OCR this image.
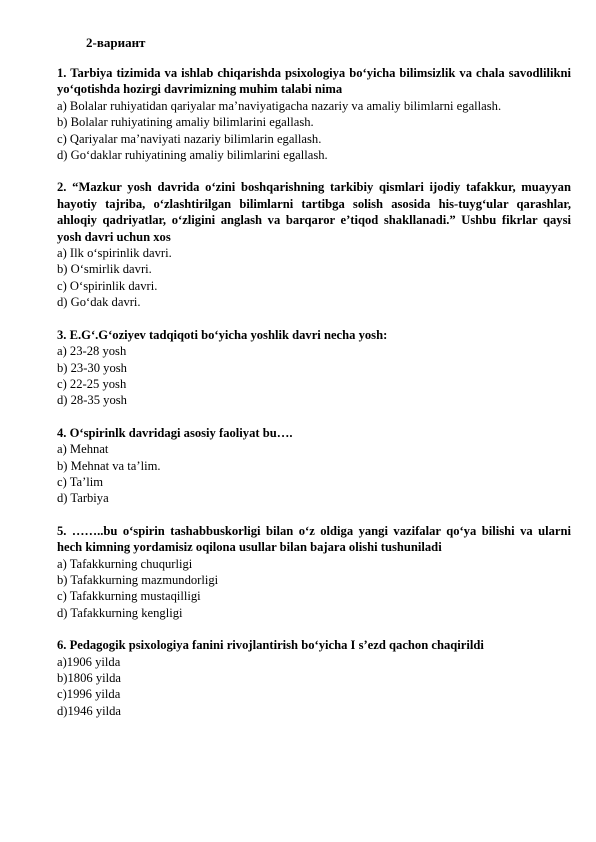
2-вариант
1. Tarbiya tizimida va ishlab chiqarishda psixologiya bo‘yicha bilimsizlik va chala savodlilikni yo‘qotishda hozirgi davrimizning muhim talabi nima
a) Bolalar ruhiyatidan qariyalar ma’naviyatigacha nazariy va amaliy bilimlarni egallash.
b) Bolalar ruhiyatining amaliy bilimlarini egallash.
c) Qariyalar ma’naviyati nazariy bilimlarin egallash.
d) Go‘daklar ruhiyatining amaliy bilimlarini egallash.
2. “Mazkur yosh davrida o‘zini boshqarishning tarkibiy qismlari ijodiy tafakkur, muayyan hayotiy tajriba, o‘zlashtirilgan bilimlarni tartibga solish asosida his-tuyg‘ular qarashlar, ahloqiy qadriyatlar, o‘zligini anglash va barqaror e’tiqod shakllanadi.” Ushbu fikrlar qaysi yosh davri uchun xos
a) Ilk o‘spirinlik davri.
b) O‘smirlik davri.
c) O‘spirinlik davri.
d) Go‘dak davri.
3. E.G‘.G‘oziyev tadqiqoti bo‘yicha yoshlik davri necha yosh:
a) 23-28 yosh
b) 23-30 yosh
c) 22-25 yosh
d) 28-35 yosh
4. O‘spirinlk davridagi asosiy faoliyat bu….
a) Mehnat
b) Mehnat va ta’lim.
c) Ta’lim
d) Tarbiya
5. ……..bu o‘spirin tashabbuskorligi bilan o‘z oldiga yangi vazifalar qo‘ya bilishi va ularni hech kimning yordamisiz oqilona usullar bilan bajara olishi tushuniladi
a) Tafakkurning chuqurligi
b) Tafakkurning mazmundorligi
c) Tafakkurning mustaqilligi
d) Tafakkurning kengligi
6. Pedagogik psixologiya fanini rivojlantirish bo‘yicha I s’ezd qachon chaqirildi
a)1906 yilda
b)1806 yilda
c)1996 yilda
d)1946 yilda
